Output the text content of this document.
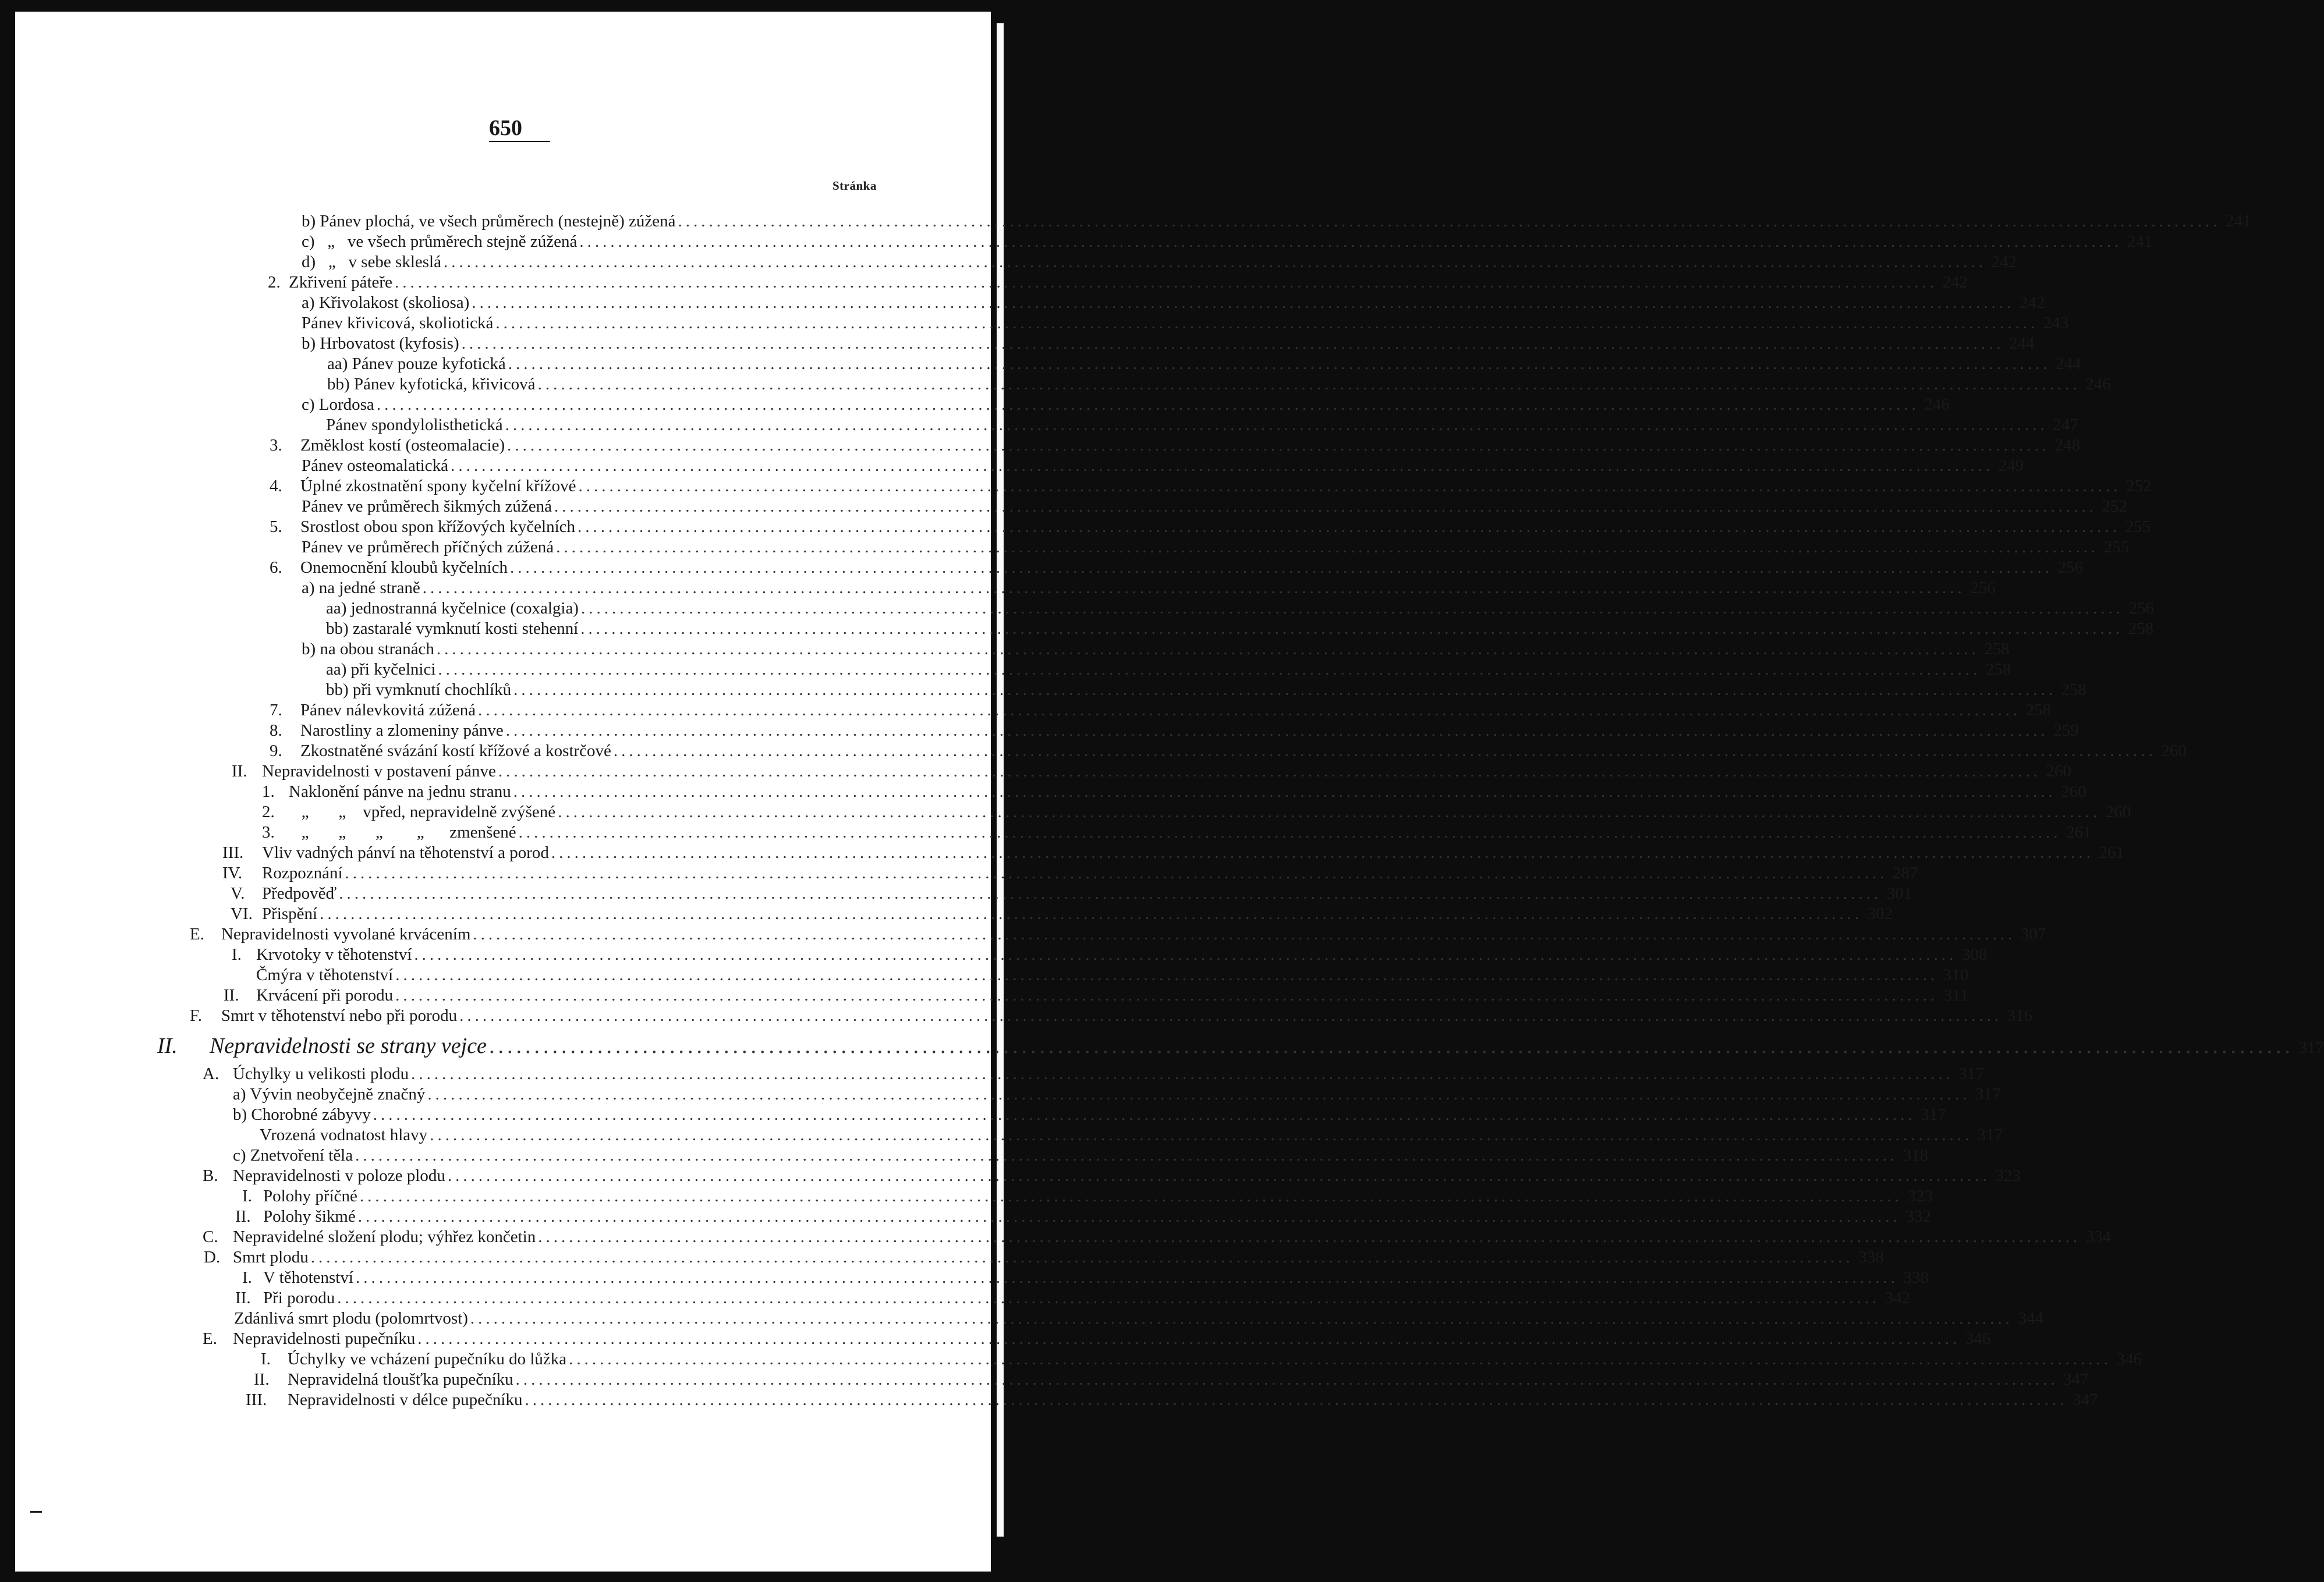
650
Stránka
b) Pánev plochá, ve všech průměrech (nestejně) zúžená ........................................................................................................................................................................................................ 241
c)   „   ve všech průměrech stejně zúžená ........................................................................................................................................................................................................ 241
d)   „   v sebe skleslá ........................................................................................................................................................................................................ 242
2. Zkřivení páteře ........................................................................................................................................................................................................ 242
a) Křivolakost (skoliosa) ........................................................................................................................................................................................................ 242
Pánev křivicová, skoliotická ........................................................................................................................................................................................................ 243
b) Hrbovatost (kyfosis) ........................................................................................................................................................................................................ 244
aa) Pánev pouze kyfotická ........................................................................................................................................................................................................ 244
bb) Pánev kyfotická, křivicová ........................................................................................................................................................................................................ 246
c) Lordosa ........................................................................................................................................................................................................ 246
Pánev spondylolisthetická ........................................................................................................................................................................................................ 247
3.	Změklost kostí (osteomalacie) ........................................................................................................................................................................................................ 248
Pánev osteomalatická ........................................................................................................................................................................................................ 249
4.	Úplné zkostnatění spony kyčelní křížové ........................................................................................................................................................................................................ 252
Pánev ve průměrech šikmých zúžená ........................................................................................................................................................................................................ 252
5.	Srostlost obou spon křížových kyčelních ........................................................................................................................................................................................................ 255
Pánev ve průměrech příčných zúžená ........................................................................................................................................................................................................ 255
6.	Onemocnění kloubů kyčelních ........................................................................................................................................................................................................ 256
a) na jedné straně ........................................................................................................................................................................................................ 256
aa) jednostranná kyčelnice (coxalgia) ........................................................................................................................................................................................................ 256
bb) zastaralé vymknutí kosti stehenní ........................................................................................................................................................................................................ 258
b) na obou stranách ........................................................................................................................................................................................................ 258
aa) při kyčelnici ........................................................................................................................................................................................................ 258
bb) při vymknutí chochlíků ........................................................................................................................................................................................................ 258
7.	Pánev nálevkovitá zúžená ........................................................................................................................................................................................................ 258
8.	Narostliny a zlomeniny pánve ........................................................................................................................................................................................................ 259
9.	Zkostnatěné svázání kostí křížové a kostrčové ........................................................................................................................................................................................................ 260
II. Nepravidelnosti v postavení pánve ........................................................................................................................................................................................................ 260
1. Naklonění pánve na jednu stranu ........................................................................................................................................................................................................ 260
2. „       „    vpřed, nepravidelně zvýšené ........................................................................................................................................................................................................ 260
3. „       „       „        „      zmenšené ........................................................................................................................................................................................................ 261
III.	Vliv vadných pánví na těhotenství a porod ........................................................................................................................................................................................................ 261
IV.	Rozpoznání ........................................................................................................................................................................................................ 287
V.	Předpověď ........................................................................................................................................................................................................ 301
VI. Přispění ........................................................................................................................................................................................................ 302
E.	Nepravidelnosti vyvolané krvácením ........................................................................................................................................................................................................ 307
I. Krvotoky v těhotenství ........................................................................................................................................................................................................ 308
Čmýra v těhotenství ........................................................................................................................................................................................................ 310
II.	Krvácení při porodu ........................................................................................................................................................................................................ 311
F.	Smrt v těhotenství nebo při porodu ........................................................................................................................................................................................................ 316
II.	Nepravidelnosti se strany vejce ........................................................................................................................................................................................................ 317
A. Úchylky u velikosti plodu ........................................................................................................................................................................................................ 317
a) Vývin neobyčejně značný ........................................................................................................................................................................................................ 317
b) Chorobné zábyvy ........................................................................................................................................................................................................ 317
Vrozená vodnatost hlavy ........................................................................................................................................................................................................ 317
c) Znetvoření těla ........................................................................................................................................................................................................ 318
B. Nepravidelnosti v poloze plodu ........................................................................................................................................................................................................ 323
I. Polohy příčné ........................................................................................................................................................................................................ 323
II. Polohy šikmé ........................................................................................................................................................................................................ 332
C. Nepravidelné složení plodu; výhřez končetin ........................................................................................................................................................................................................ 334
D. Smrt plodu ........................................................................................................................................................................................................ 338
I. V těhotenství ........................................................................................................................................................................................................ 338
II. Při porodu ........................................................................................................................................................................................................ 342
Zdánlivá smrt plodu (polomrtvost) ........................................................................................................................................................................................................ 344
E. Nepravidelnosti pupečníku ........................................................................................................................................................................................................ 346
I.	Úchylky ve vcházení pupečníku do lůžka ........................................................................................................................................................................................................ 346
II.	Nepravidelná tloušťka pupečníku ........................................................................................................................................................................................................ 347
III.	Nepravidelnosti v délce pupečníku ........................................................................................................................................................................................................ 347
